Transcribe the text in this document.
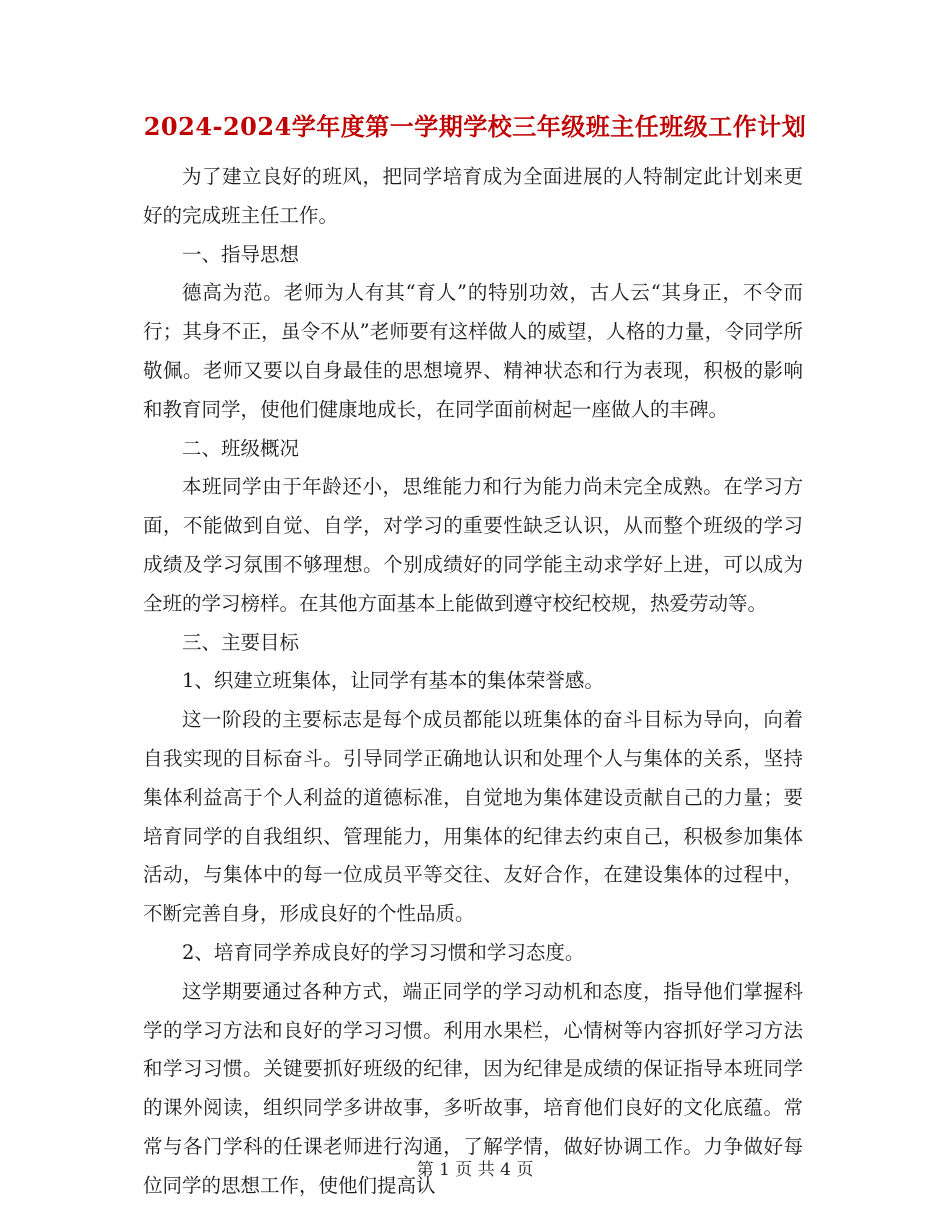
2024-2024学年度第一学期学校三年级班主任班级工作计划

为了建立良好的班风，把同学培育成为全面进展的人特制定此计划来更好的完成班主任工作。

一、指导思想

德高为范。老师为人有其“育人”的特别功效，古人云“其身正，不令而行；其身不正，虽令不从”老师要有这样做人的威望，人格的力量，令同学所敬佩。老师又要以自身最佳的思想境界、精神状态和行为表现，积极的影响和教育同学，使他们健康地成长，在同学面前树起一座做人的丰碑。

二、班级概况

本班同学由于年龄还小，思维能力和行为能力尚未完全成熟。在学习方面，不能做到自觉、自学，对学习的重要性缺乏认识，从而整个班级的学习成绩及学习氛围不够理想。个别成绩好的同学能主动求学好上进，可以成为全班的学习榜样。在其他方面基本上能做到遵守校纪校规，热爱劳动等。

三、主要目标

1、织建立班集体，让同学有基本的集体荣誉感。

这一阶段的主要标志是每个成员都能以班集体的奋斗目标为导向，向着自我实现的目标奋斗。引导同学正确地认识和处理个人与集体的关系，坚持集体利益高于个人利益的道德标准，自觉地为集体建设贡献自己的力量；要培育同学的自我组织、管理能力，用集体的纪律去约束自己，积极参加集体活动，与集体中的每一位成员平等交往、友好合作，在建设集体的过程中，不断完善自身，形成良好的个性品质。

2、培育同学养成良好的学习习惯和学习态度。

这学期要通过各种方式，端正同学的学习动机和态度，指导他们掌握科学的学习方法和良好的学习习惯。利用水果栏，心情树等内容抓好学习方法和学习习惯。关键要抓好班级的纪律，因为纪律是成绩的保证指导本班同学的课外阅读，组织同学多讲故事，多听故事，培育他们良好的文化底蕴。常常与各门学科的任课老师进行沟通，了解学情，做好协调工作。力争做好每位同学的思想工作，使他们提高认

第 1 页 共 4 页
